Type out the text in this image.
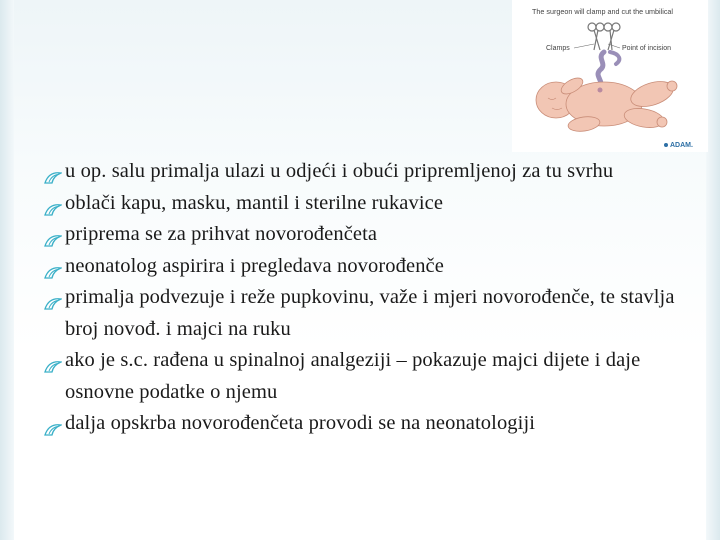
The surgeon will clamp and cut the umbilical
Clamps	Point of incision
ADAM.
u op. salu primalja ulazi u odjeći i obući pripremljenoj za tu svrhu
oblači kapu, masku, mantil i sterilne rukavice
priprema se za prihvat novorođenčeta
neonatolog aspirira i pregledava novorođenče
primalja podvezuje i reže pupkovinu, važe i mjeri novorođenče, te stavlja broj novođ. i majci na ruku
ako je s.c. rađena u spinalnoj analgeziji – pokazuje majci dijete i daje osnovne podatke o njemu
dalja opskrba novorođenčeta provodi se na neonatologiji
